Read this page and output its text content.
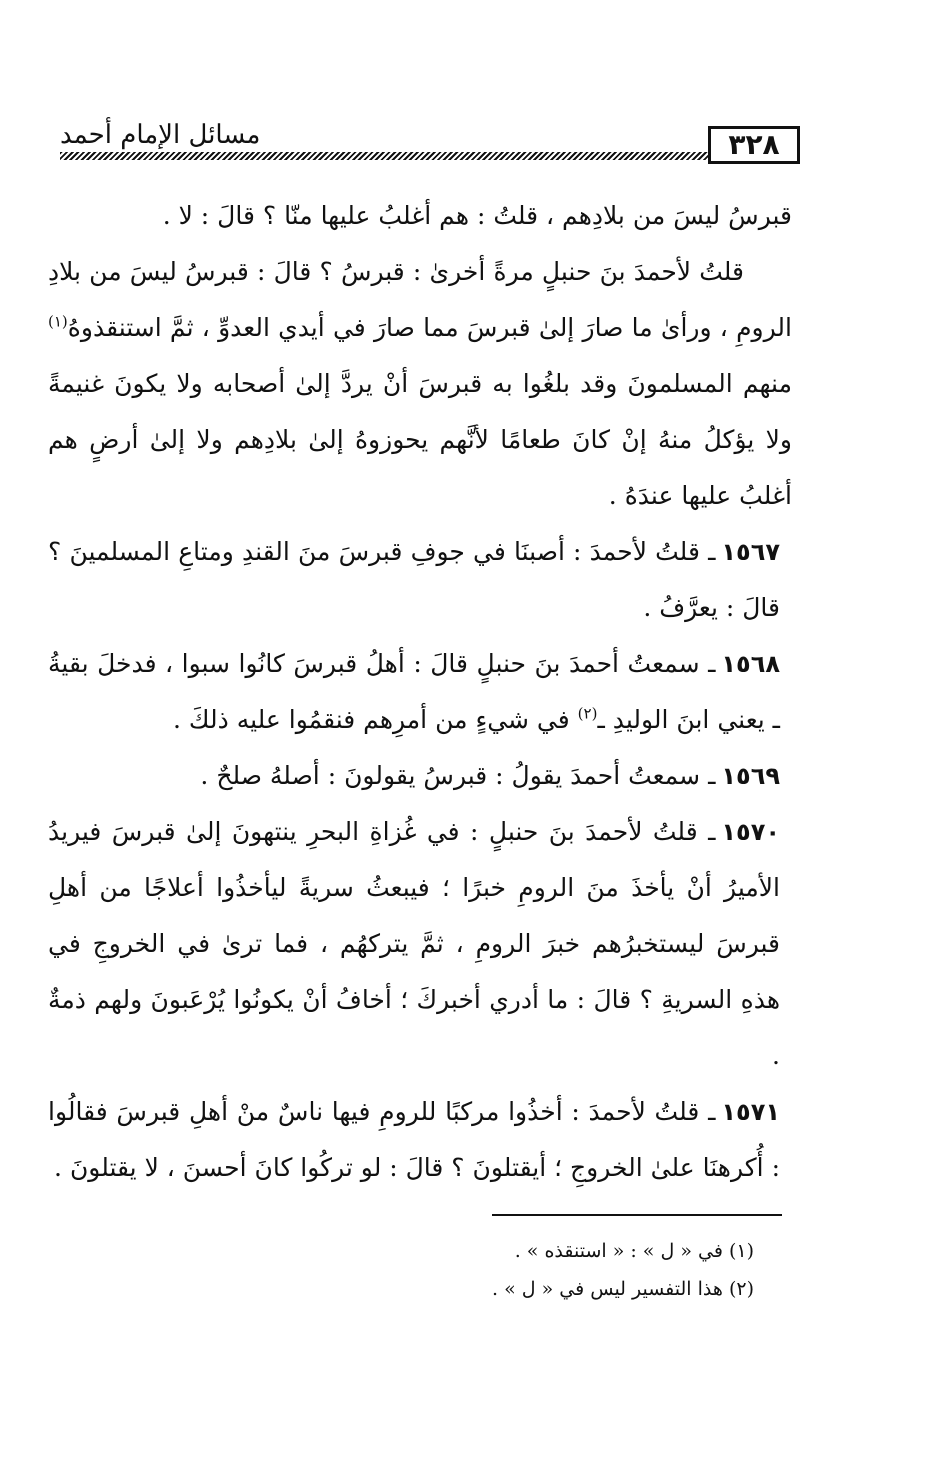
مسائل الإمام أحمد	٣٢٨

قبرسُ ليسَ من بلادِهم ، قلتُ : هم أغلبُ عليها منّا ؟ قالَ : لا .

قلتُ لأحمدَ بنَ حنبلٍ مرةً أخرىٰ : قبرسُ ؟ قالَ : قبرسُ ليسَ من بلادِ الرومِ ، ورأىٰ ما صارَ إلىٰ قبرسَ مما صارَ في أيدي العدوِّ ، ثمَّ استنقذوهُ$^{(١)}$ منهم المسلمونَ وقد بلغُوا به قبرسَ أنْ يردَّ إلىٰ أصحابه ولا يكونَ غنيمةً ولا يؤكلُ منهُ إنْ كانَ طعامًا لأنَّهم يحوزوهُ إلىٰ بلادِهم ولا إلىٰ أرضٍ هم أغلبُ عليها عندَهُ .

١٥٦٧ـ قلتُ لأحمدَ : أصبنَا في جوفِ قبرسَ منَ القندِ ومتاعِ المسلمينَ ؟ قالَ : يعرَّفُ .

١٥٦٨ـ سمعتُ أحمدَ بنَ حنبلٍ قالَ : أهلُ قبرسَ كانُوا سبوا ، فدخلَ بقيةُ ـ يعني ابنَ الوليدِ ـ$^{(٢)}$ في شيءٍ من أمرِهم فنقمُوا عليه ذلكَ .

١٥٦٩ـ سمعتُ أحمدَ يقولُ : قبرسُ يقولونَ : أصلهُ صلحٌ .

١٥٧٠ـ قلتُ لأحمدَ بنَ حنبلٍ : في غُزاةِ البحرِ ينتهونَ إلىٰ قبرسَ فيريدُ الأميرُ أنْ يأخذَ منَ الرومِ خبرًا ؛ فيبعثُ سريةً ليأخذُوا أعلاجًا من أهلِ قبرسَ ليستخبرُهم خبرَ الرومِ ، ثمَّ يتركهُم ، فما ترىٰ في الخروجِ في هذهِ السريةِ ؟ قالَ : ما أدري أخبركَ ؛ أخافُ أنْ يكونُوا يُرْعَبونَ ولهم ذمةٌ .

١٥٧١ـ قلتُ لأحمدَ : أخذُوا مركبًا للرومِ فيها ناسٌ منْ أهلِ قبرسَ فقالُوا : أُكرهنَا علىٰ الخروجِ ؛ أيقتلونَ ؟ قالَ : لو تركُوا كانَ أحسنَ ، لا يقتلونَ .

(١) في « ل » : « استنقذه » .

(٢) هذا التفسير ليس في « ل » .
